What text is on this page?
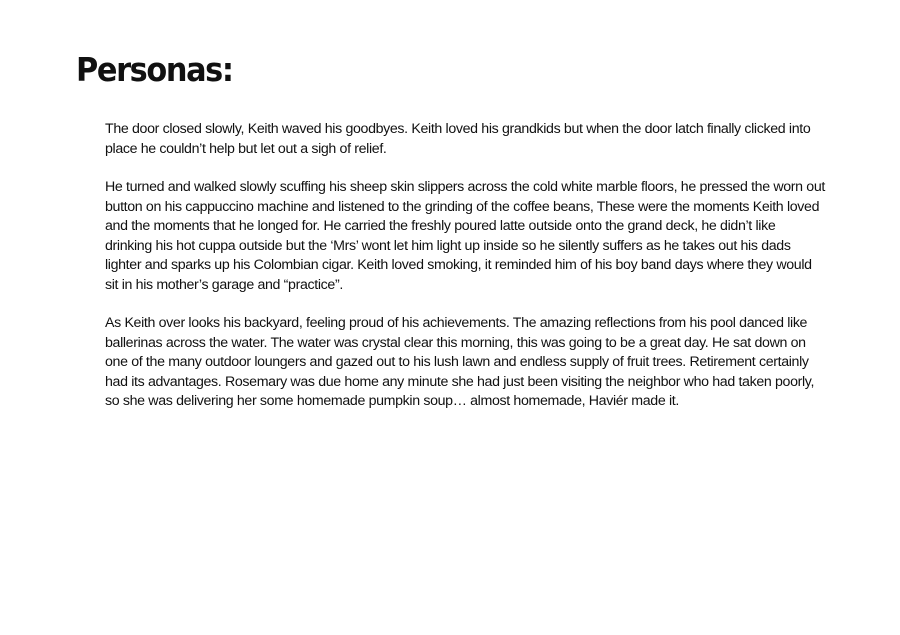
Personas:

The door closed slowly, Keith waved his goodbyes. Keith loved his grandkids but when the door latch finally clicked into place he couldn’t help but let out a sigh of relief.

He turned and walked slowly scuffing his sheep skin slippers across the cold white marble floors, he pressed the worn out button on his cappuccino machine and listened to the grinding of the coffee beans, These were the moments Keith loved and the moments that he longed for. He carried the freshly poured latte outside onto the grand deck, he didn’t like drinking his hot cuppa outside but the ‘Mrs’ wont let him light up inside so he silently suffers as he takes out his dads lighter and sparks up his Colombian cigar. Keith loved smoking, it reminded him of his boy band days where they would sit in his mother’s garage and “practice”.

As Keith over looks his backyard, feeling proud of his achievements. The amazing reflections from his pool danced like ballerinas across the water. The water was crystal clear this morning, this was going to be a great day. He sat down on one of the many outdoor loungers and gazed out to his lush lawn and endless supply of fruit trees. Retirement certainly had its advantages. Rosemary was due home any minute she had just been visiting the neighbor who had taken poorly, so she was delivering her some homemade pumpkin soup… almost homemade, Haviér made it.
